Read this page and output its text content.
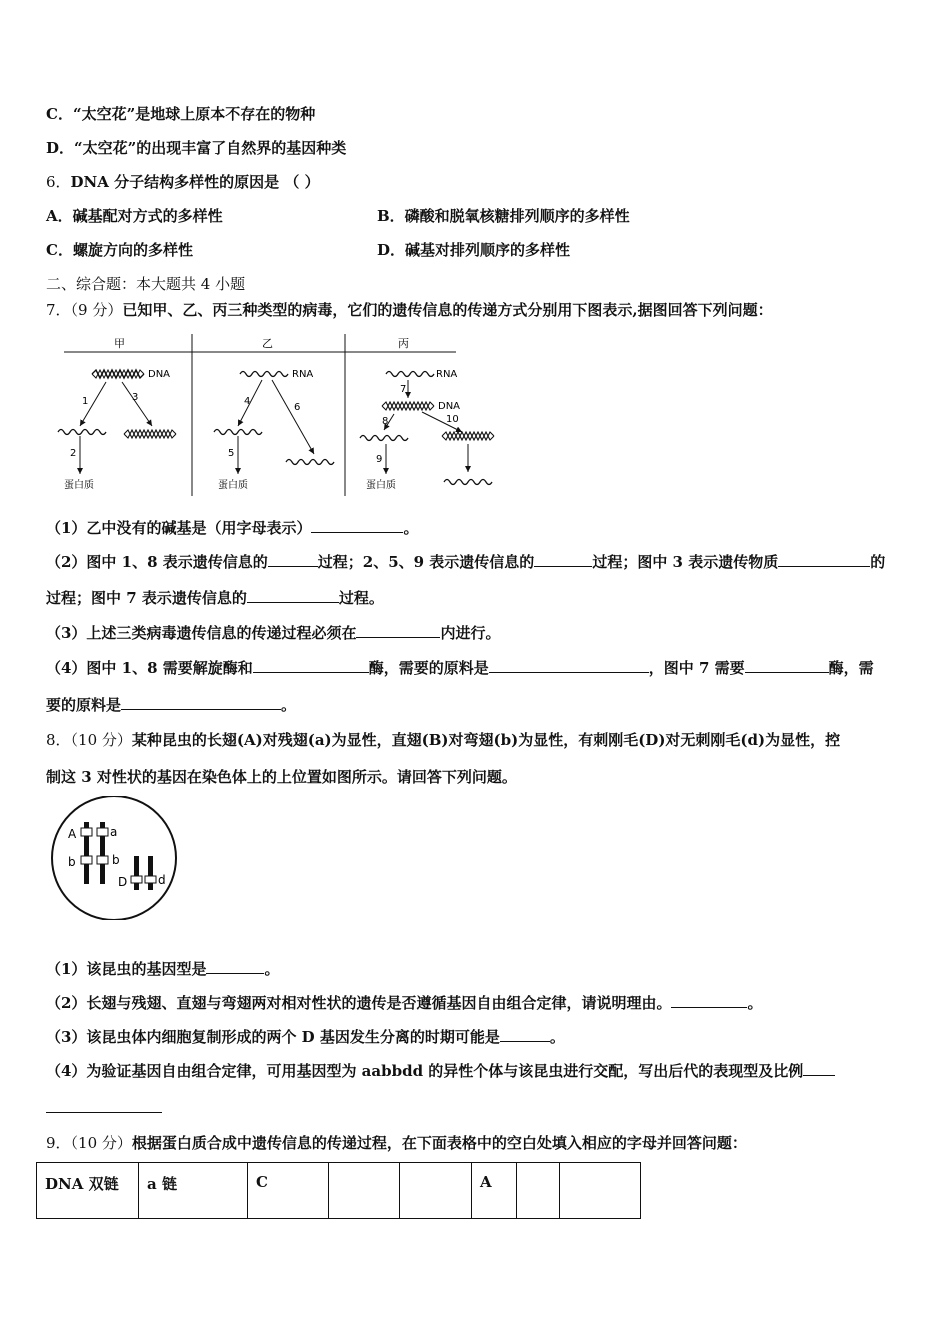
C．“太空花”是地球上原本不存在的物种
D．“太空花”的出现丰富了自然界的基因种类
6．DNA 分子结构多样性的原因是 （ ）
A．碱基配对方式的多样性	B．磷酸和脱氧核糖排列顺序的多样性
C．螺旋方向的多样性	D．碱基对排列顺序的多样性
二、综合题：本大题共 4 小题
7．（9 分）已知甲、乙、丙三种类型的病毒，它们的遗传信息的传递方式分别用下图表示,据图回答下列问题：
甲	乙	丙
DNA
1	3
2
蛋白质
RNA
4
6
5
蛋白质
RNA
7
DNA
8	10
9
蛋白质
（1）乙中没有的碱基是（用字母表示）	。
（2）图中 1、8 表示遗传信息的	过程；2、5、9 表示遗传信息的	过程；图中 3 表示遗传物质	的
过程；图中 7 表示遗传信息的	过程。
（3）上述三类病毒遗传信息的传递过程必须在	内进行。
（4）图中 1、8 需要解旋酶和	酶，需要的原料是	，图中 7 需要	酶，需
要的原料是	。
8．（10 分）某种昆虫的长翅(A)对残翅(a)为显性，直翅(B)对弯翅(b)为显性，有刺刚毛(D)对无刺刚毛(d)为显性，控
制这 3 对性状的基因在染色体上的上位置如图所示。请回答下列问题。
A	a
b	b
D	d
（1）该昆虫的基因型是	。
（2）长翅与残翅、直翅与弯翅两对相对性状的遗传是否遵循基因自由组合定律，请说明理由。	。
（3）该昆虫体内细胞复制形成的两个 D 基因发生分离的时期可能是	。
（4）为验证基因自由组合定律，可用基因型为 aabbdd 的异性个体与该昆虫进行交配，写出后代的表现型及比例
9．（10 分）根据蛋白质合成中遗传信息的传递过程，在下面表格中的空白处填入相应的字母并回答问题：
DNA 双链	a 链	C			A		
